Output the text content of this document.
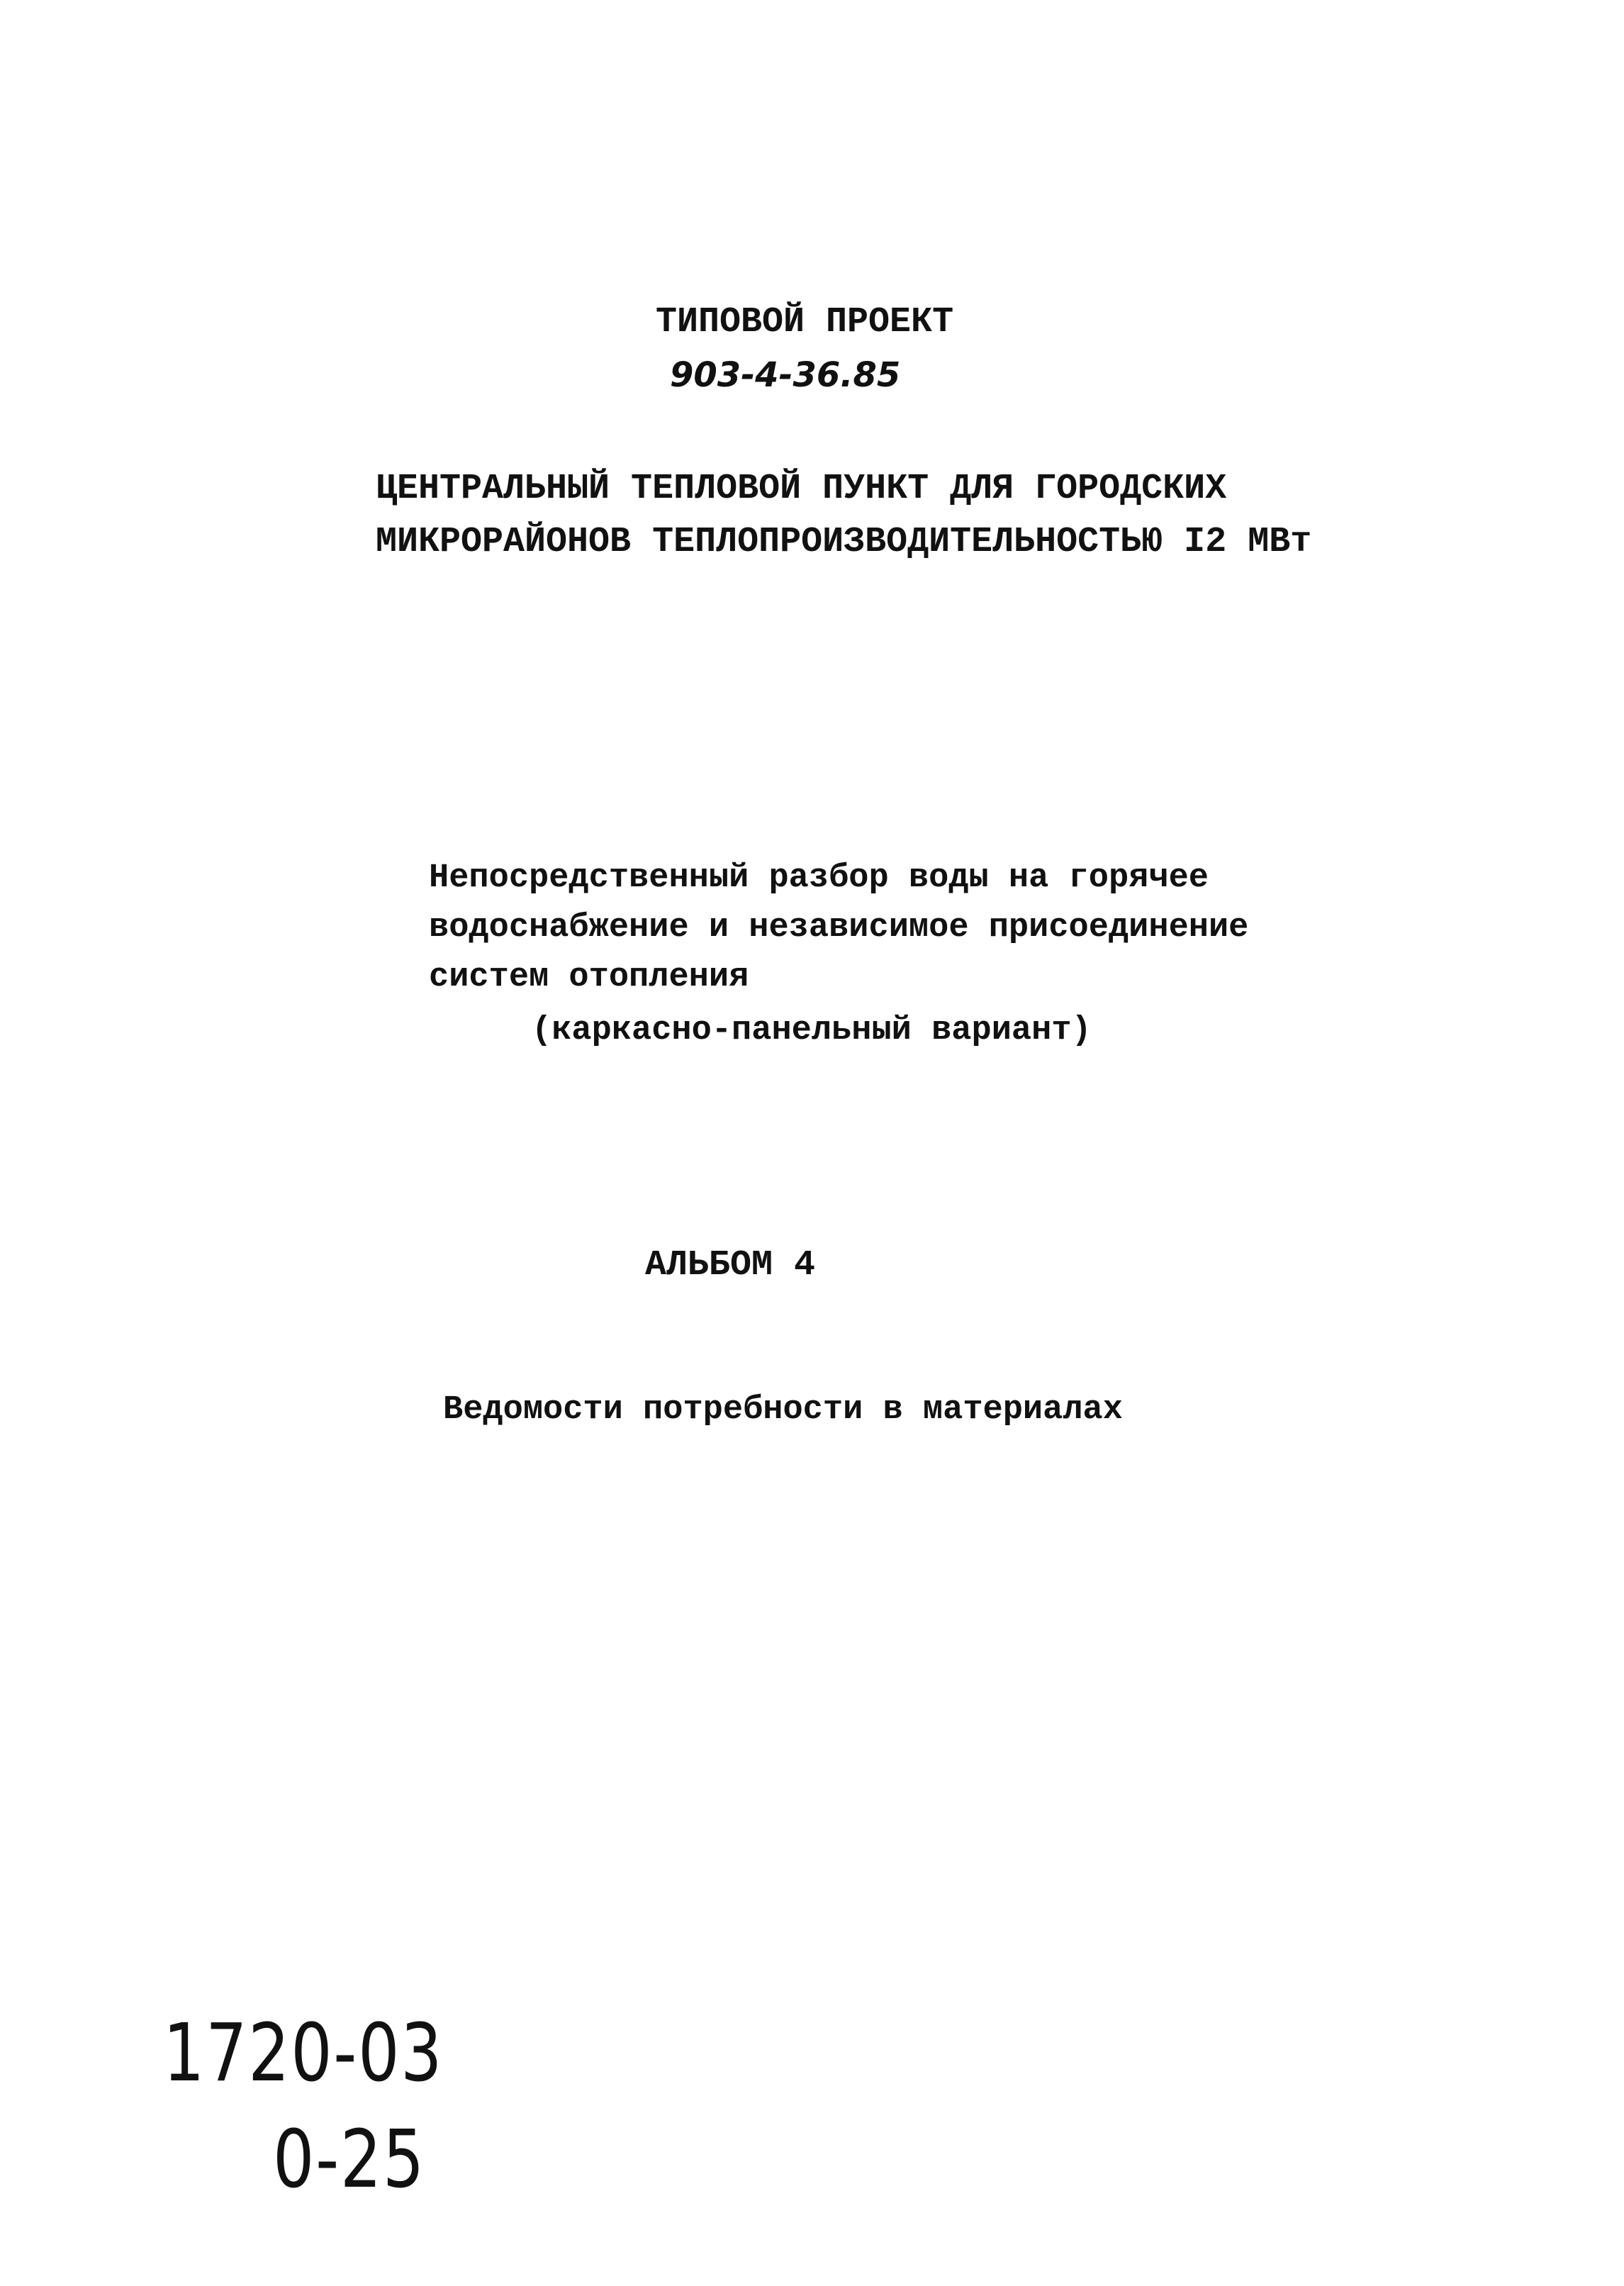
ТИПОВОЙ ПРОЕКТ

903-4-36.85

ЦЕНТРАЛЬНЫЙ ТЕПЛОВОЙ ПУНКТ ДЛЯ ГОРОДСКИХ

МИКРОРАЙОНОВ ТЕПЛОПРОИЗВОДИТЕЛЬНОСТЬЮ I2 МВт

Непосредственный разбор воды на горячее

водоснабжение и независимое присоединение

систем отопления

(каркасно-панельный вариант)

АЛЬБОМ 4

Ведомости потребности в материалах

1720-03

0-25
